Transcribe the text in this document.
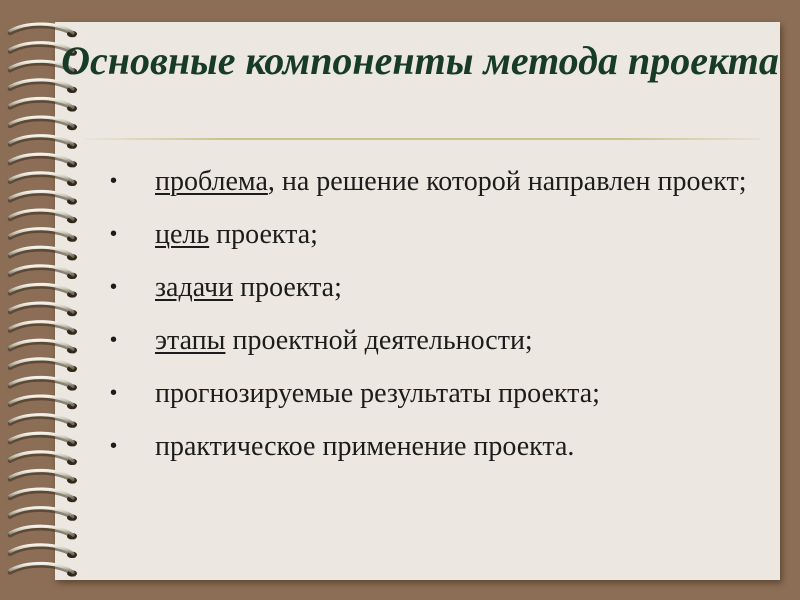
Основные компоненты метода проекта
•	проблема, на решение которой направлен проект;
•	цель проекта;
•	задачи проекта;
•	этапы проектной деятельности;
•	прогнозируемые результаты проекта;
•	практическое применение проекта.
